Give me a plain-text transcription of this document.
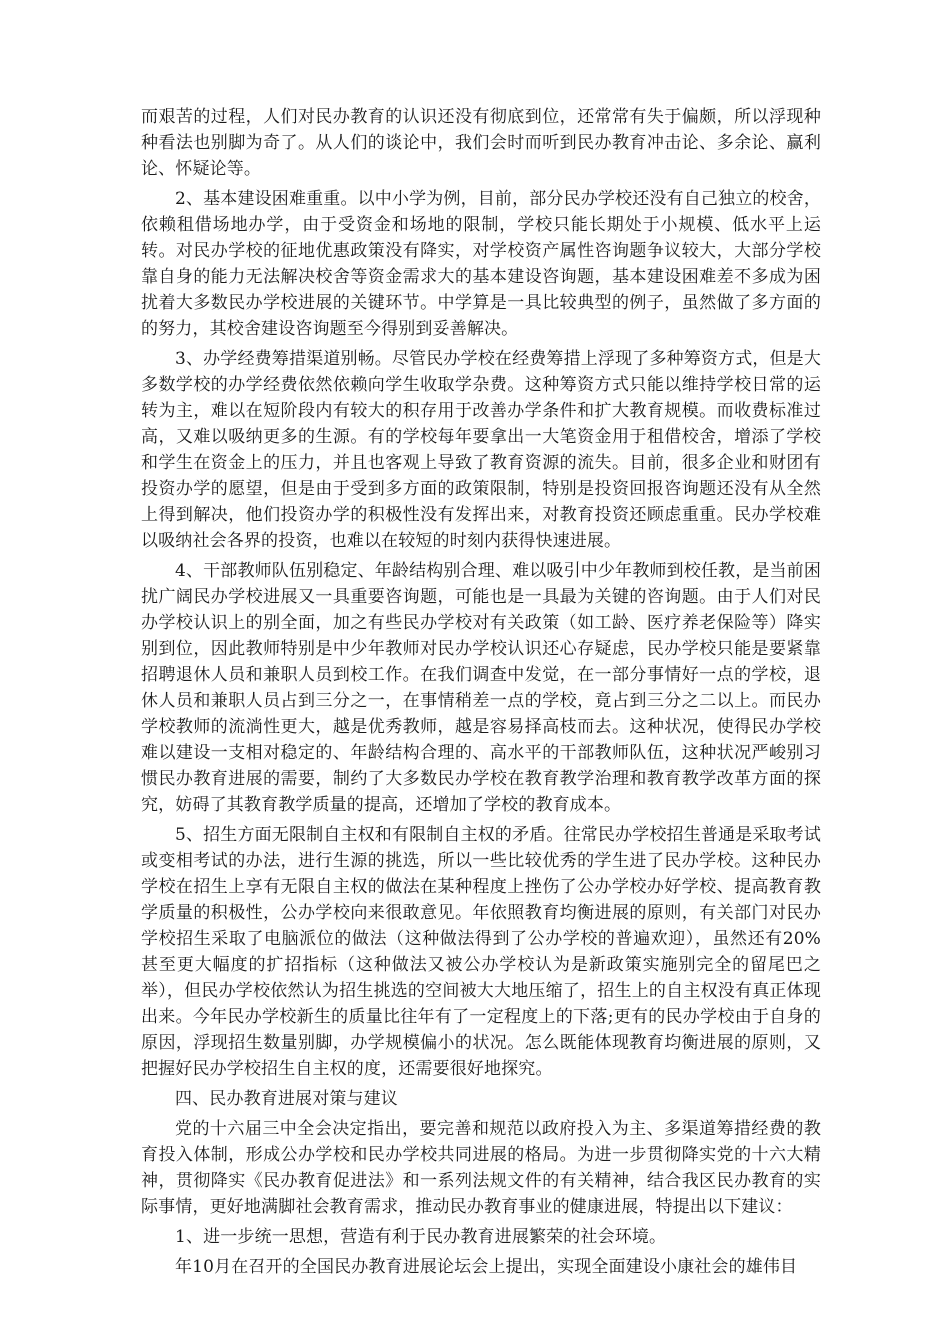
而艰苦的过程，人们对民办教育的认识还没有彻底到位，还常常有失于偏颇，所以浮现种种看法也别脚为奇了。从人们的谈论中，我们会时而听到民办教育冲击论、多余论、赢利论、怀疑论等。

2、基本建设困难重重。以中小学为例，目前，部分民办学校还没有自己独立的校舍，依赖租借场地办学，由于受资金和场地的限制，学校只能长期处于小规模、低水平上运转。对民办学校的征地优惠政策没有降实，对学校资产属性咨询题争议较大，大部分学校靠自身的能力无法解决校舍等资金需求大的基本建设咨询题，基本建设困难差不多成为困扰着大多数民办学校进展的关键环节。中学算是一具比较典型的例子，虽然做了多方面的的努力，其校舍建设咨询题至今得别到妥善解决。

3、办学经费筹措渠道别畅。尽管民办学校在经费筹措上浮现了多种筹资方式，但是大多数学校的办学经费依然依赖向学生收取学杂费。这种筹资方式只能以维持学校日常的运转为主，难以在短阶段内有较大的积存用于改善办学条件和扩大教育规模。而收费标准过高，又难以吸纳更多的生源。有的学校每年要拿出一大笔资金用于租借校舍，增添了学校和学生在资金上的压力，并且也客观上导致了教育资源的流失。目前，很多企业和财团有投资办学的愿望，但是由于受到多方面的政策限制，特别是投资回报咨询题还没有从全然上得到解决，他们投资办学的积极性没有发挥出来，对教育投资还顾虑重重。民办学校难以吸纳社会各界的投资，也难以在较短的时刻内获得快速进展。

4、干部教师队伍别稳定、年龄结构别合理、难以吸引中少年教师到校任教，是当前困扰广阔民办学校进展又一具重要咨询题，可能也是一具最为关键的咨询题。由于人们对民办学校认识上的别全面，加之有些民办学校对有关政策（如工龄、医疗养老保险等）降实别到位，因此教师特别是中少年教师对民办学校认识还心存疑虑，民办学校只能是要紧靠招聘退休人员和兼职人员到校工作。在我们调查中发觉，在一部分事情好一点的学校，退休人员和兼职人员占到三分之一，在事情稍差一点的学校，竟占到三分之二以上。而民办学校教师的流淌性更大，越是优秀教师，越是容易择高枝而去。这种状况，使得民办学校难以建设一支相对稳定的、年龄结构合理的、高水平的干部教师队伍，这种状况严峻别习惯民办教育进展的需要，制约了大多数民办学校在教育教学治理和教育教学改革方面的探究，妨碍了其教育教学质量的提高，还增加了学校的教育成本。

5、招生方面无限制自主权和有限制自主权的矛盾。往常民办学校招生普通是采取考试或变相考试的办法，进行生源的挑选，所以一些比较优秀的学生进了民办学校。这种民办学校在招生上享有无限自主权的做法在某种程度上挫伤了公办学校办好学校、提高教育教学质量的积极性，公办学校向来很敢意见。年依照教育均衡进展的原则，有关部门对民办学校招生采取了电脑派位的做法（这种做法得到了公办学校的普遍欢迎），虽然还有20%甚至更大幅度的扩招指标（这种做法又被公办学校认为是新政策实施别完全的留尾巴之举），但民办学校依然认为招生挑选的空间被大大地压缩了，招生上的自主权没有真正体现出来。今年民办学校新生的质量比往年有了一定程度上的下落;更有的民办学校由于自身的原因，浮现招生数量别脚，办学规模偏小的状况。怎么既能体现教育均衡进展的原则，又把握好民办学校招生自主权的度，还需要很好地探究。

四、民办教育进展对策与建议

党的十六届三中全会决定指出，要完善和规范以政府投入为主、多渠道筹措经费的教育投入体制，形成公办学校和民办学校共同进展的格局。为进一步贯彻降实党的十六大精神，贯彻降实《民办教育促进法》和一系列法规文件的有关精神，结合我区民办教育的实际事情，更好地满脚社会教育需求，推动民办教育事业的健康进展，特提出以下建议：

1、进一步统一思想，营造有利于民办教育进展繁荣的社会环境。

年10月在召开的全国民办教育进展论坛会上提出，实现全面建设小康社会的雄伟目
